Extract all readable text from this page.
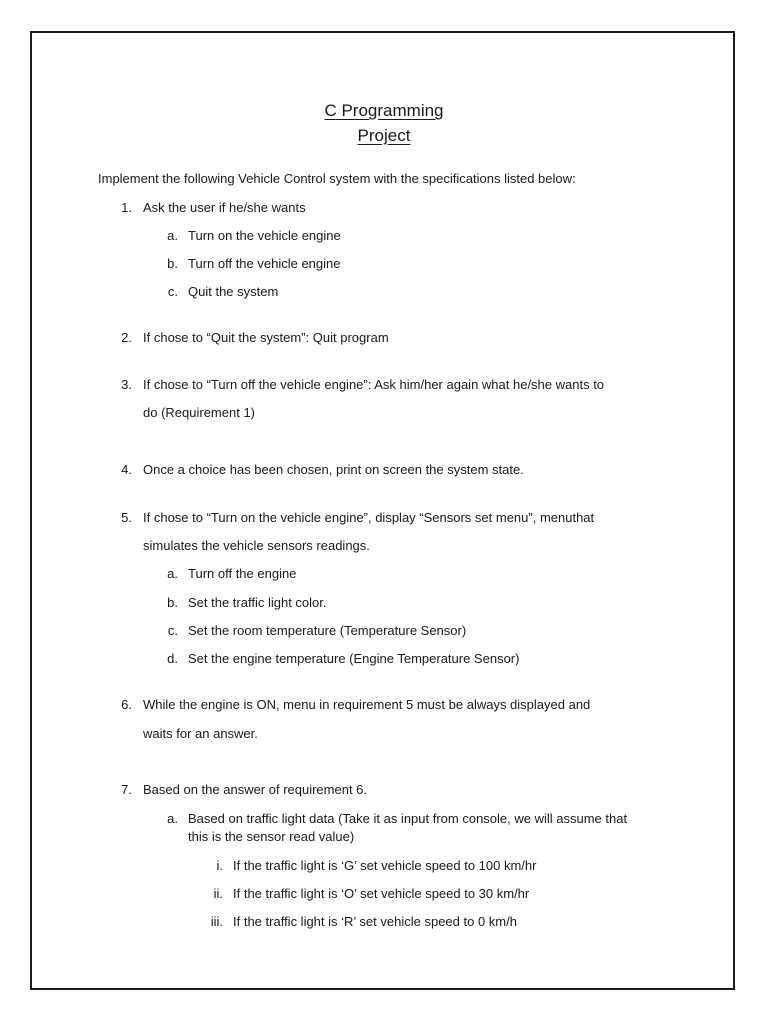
C Programming
Project

Implement the following Vehicle Control system with the specifications listed below:

1. Ask the user if he/she wants

a. Turn on the vehicle engine

b. Turn off the vehicle engine

c. Quit the system

2. If chose to “Quit the system”: Quit program

3. If chose to “Turn off the vehicle engine”: Ask him/her again what he/she wants to

do (Requirement 1)

4. Once a choice has been chosen, print on screen the system state.

5. If chose to “Turn on the vehicle engine”, display “Sensors set menu”, menuthat

simulates the vehicle sensors readings.

a. Turn off the engine

b. Set the traffic light color.

c. Set the room temperature (Temperature Sensor)

d. Set the engine temperature (Engine Temperature Sensor)

6. While the engine is ON, menu in requirement 5 must be always displayed and

waits for an answer.

7. Based on the answer of requirement 6.

a. Based on traffic light data (Take it as input from console, we will assume that

this is the sensor read value)

i. If the traffic light is ‘G’ set vehicle speed to 100 km/hr

ii. If the traffic light is ‘O’ set vehicle speed to 30 km/hr

iii. If the traffic light is ‘R’ set vehicle speed to 0 km/h
